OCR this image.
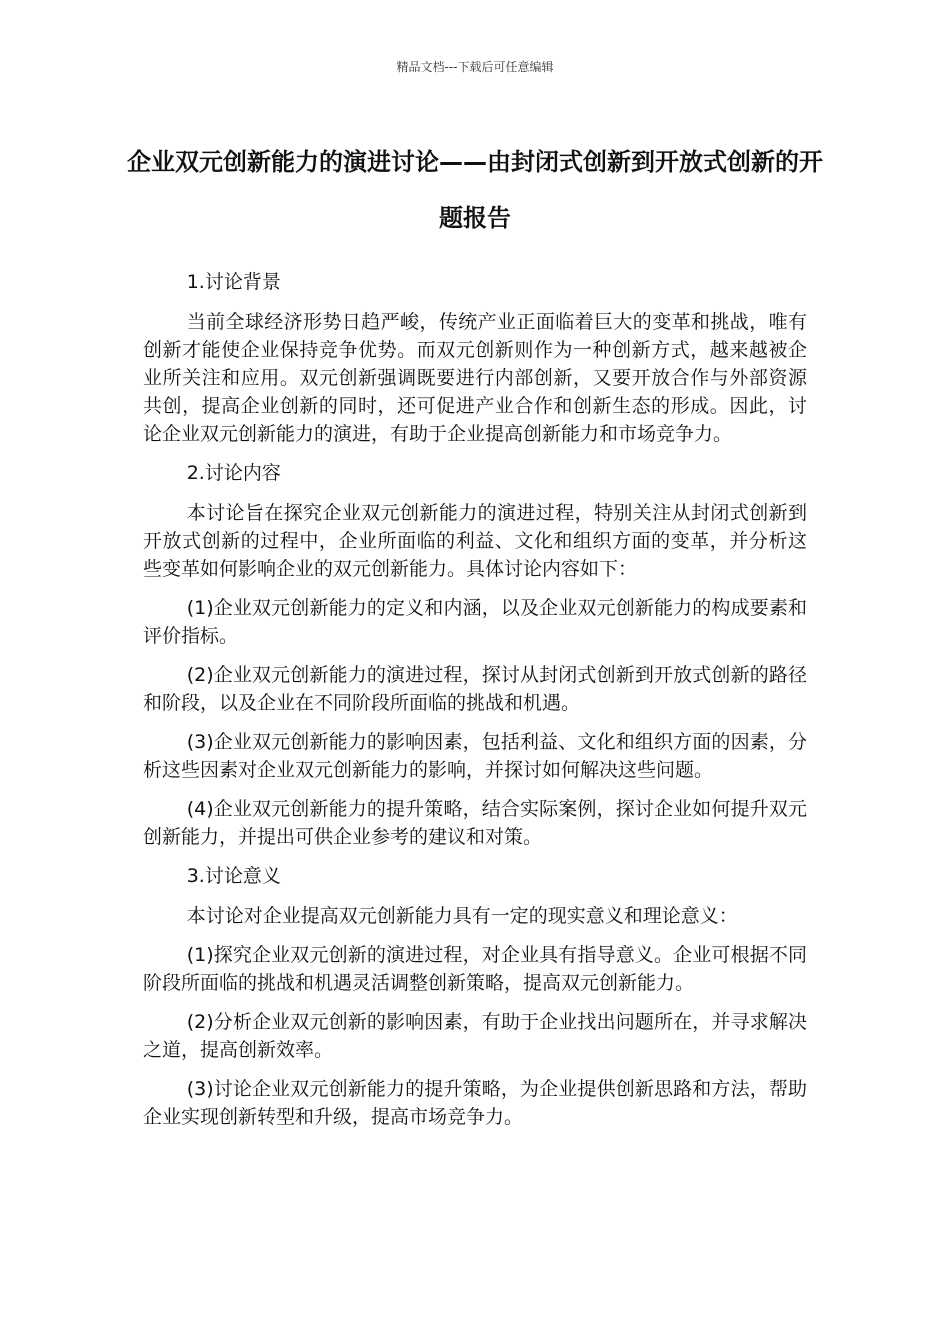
精品文档---下载后可任意编辑
企业双元创新能力的演进讨论——由封闭式创新到开放式创新的开题报告

1.讨论背景

当前全球经济形势日趋严峻，传统产业正面临着巨大的变革和挑战，唯有创新才能使企业保持竞争优势。而双元创新则作为一种创新方式，越来越被企业所关注和应用。双元创新强调既要进行内部创新，又要开放合作与外部资源共创，提高企业创新的同时，还可促进产业合作和创新生态的形成。因此，讨论企业双元创新能力的演进，有助于企业提高创新能力和市场竞争力。

2.讨论内容

本讨论旨在探究企业双元创新能力的演进过程，特别关注从封闭式创新到开放式创新的过程中，企业所面临的利益、文化和组织方面的变革，并分析这些变革如何影响企业的双元创新能力。具体讨论内容如下：

(1)企业双元创新能力的定义和内涵，以及企业双元创新能力的构成要素和评价指标。

(2)企业双元创新能力的演进过程，探讨从封闭式创新到开放式创新的路径和阶段，以及企业在不同阶段所面临的挑战和机遇。

(3)企业双元创新能力的影响因素，包括利益、文化和组织方面的因素，分析这些因素对企业双元创新能力的影响，并探讨如何解决这些问题。

(4)企业双元创新能力的提升策略，结合实际案例，探讨企业如何提升双元创新能力，并提出可供企业参考的建议和对策。

3.讨论意义

本讨论对企业提高双元创新能力具有一定的现实意义和理论意义：

(1)探究企业双元创新的演进过程，对企业具有指导意义。企业可根据不同阶段所面临的挑战和机遇灵活调整创新策略，提高双元创新能力。

(2)分析企业双元创新的影响因素，有助于企业找出问题所在，并寻求解决之道，提高创新效率。

(3)讨论企业双元创新能力的提升策略，为企业提供创新思路和方法，帮助企业实现创新转型和升级，提高市场竞争力。
